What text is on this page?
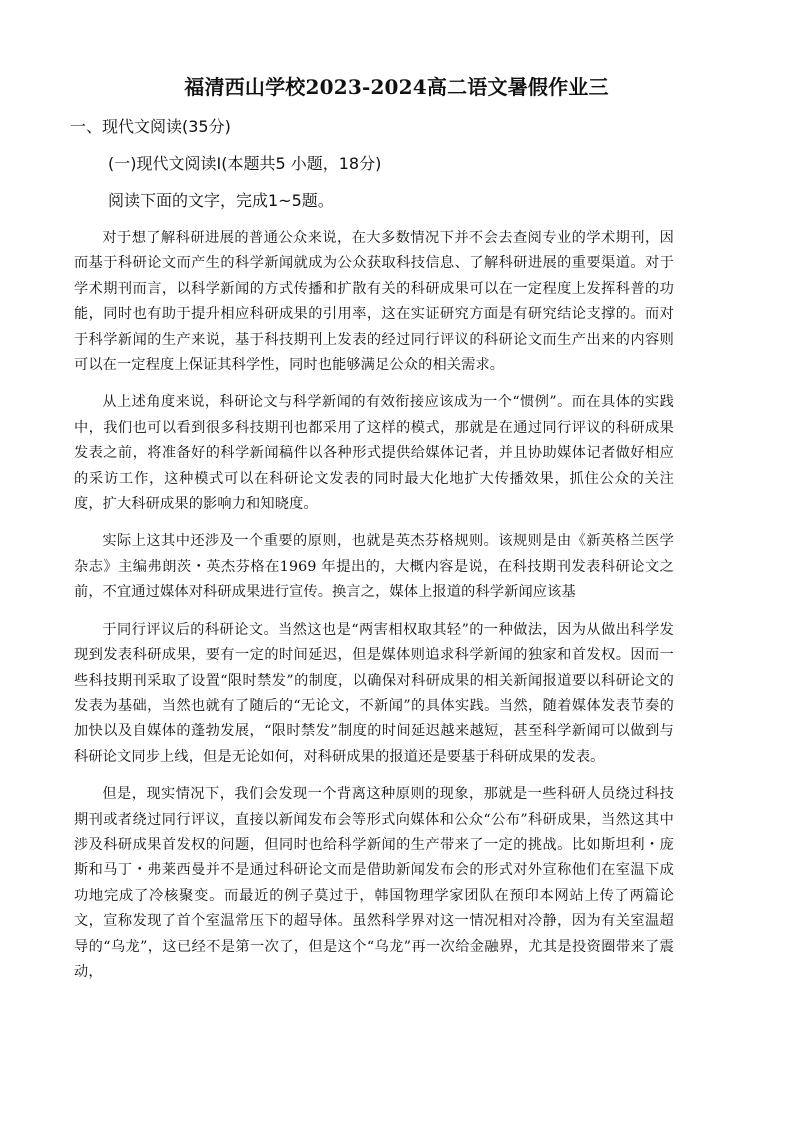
福清西山学校2023-2024高二语文暑假作业三
一、现代文阅读(35分)
(一)现代文阅读Ⅰ(本题共5 小题，18分)
阅读下面的文字，完成1~5题。

对于想了解科研进展的普通公众来说，在大多数情况下并不会去查阅专业的学术期刊，因而基于科研论文而产生的科学新闻就成为公众获取科技信息、了解科研进展的重要渠道。对于学术期刊而言，以科学新闻的方式传播和扩散有关的科研成果可以在一定程度上发挥科普的功能，同时也有助于提升相应科研成果的引用率，这在实证研究方面是有研究结论支撑的。而对于科学新闻的生产来说，基于科技期刊上发表的经过同行评议的科研论文而生产出来的内容则可以在一定程度上保证其科学性，同时也能够满足公众的相关需求。

从上述角度来说，科研论文与科学新闻的有效衔接应该成为一个“惯例”。而在具体的实践中，我们也可以看到很多科技期刊也都采用了这样的模式，那就是在通过同行评议的科研成果发表之前，将准备好的科学新闻稿件以各种形式提供给媒体记者，并且协助媒体记者做好相应的采访工作，这种模式可以在科研论文发表的同时最大化地扩大传播效果，抓住公众的关注度，扩大科研成果的影响力和知晓度。

实际上这其中还涉及一个重要的原则，也就是英杰芬格规则。该规则是由《新英格兰医学杂志》主编弗朗茨・英杰芬格在1969 年提出的，大概内容是说，在科技期刊发表科研论文之前，不宜通过媒体对科研成果进行宣传。换言之，媒体上报道的科学新闻应该基

于同行评议后的科研论文。当然这也是“两害相权取其轻”的一种做法，因为从做出科学发现到发表科研成果，要有一定的时间延迟，但是媒体则追求科学新闻的独家和首发权。因而一些科技期刊采取了设置“限时禁发”的制度，以确保对科研成果的相关新闻报道要以科研论文的发表为基础，当然也就有了随后的“无论文，不新闻”的具体实践。当然，随着媒体发表节奏的加快以及自媒体的蓬勃发展，“限时禁发”制度的时间延迟越来越短，甚至科学新闻可以做到与科研论文同步上线，但是无论如何，对科研成果的报道还是要基于科研成果的发表。

但是，现实情况下，我们会发现一个背离这种原则的现象，那就是一些科研人员绕过科技期刊或者绕过同行评议，直接以新闻发布会等形式向媒体和公众“公布”科研成果，当然这其中涉及科研成果首发权的问题，但同时也给科学新闻的生产带来了一定的挑战。比如斯坦利・庞斯和马丁・弗莱西曼并不是通过科研论文而是借助新闻发布会的形式对外宣称他们在室温下成功地完成了冷核聚变。而最近的例子莫过于，韩国物理学家团队在预印本网站上传了两篇论文，宣称发现了首个室温常压下的超导体。虽然科学界对这一情况相对冷静，因为有关室温超导的“乌龙”，这已经不是第一次了，但是这个“乌龙”再一次给金融界，尤其是投资圈带来了震动，
